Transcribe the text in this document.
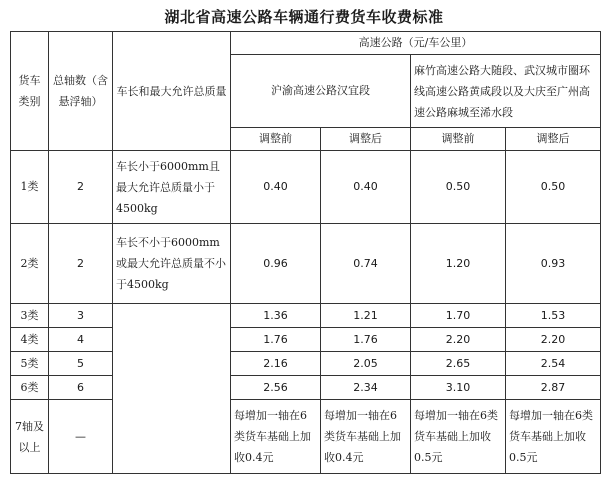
湖北省高速公路车辆通行费货车收费标准
货车类别	总轴数（含悬浮轴）	车长和最大允许总质量	高速公路（元/车公里）			
			沪渝高速公路汉宜段		麻竹高速公路大随段、武汉城市圈环线高速公路黄咸段以及大庆至广州高速公路麻城至浠水段	
			调整前	调整后	调整前	调整后

1类	2	车长小于6000mm且最大允许总质量小于4500kg	0.40	0.40	0.50	0.50
2类	2	车长不小于6000mm或最大允许总质量不小于4500kg	0.96	0.74	1.20	0.93
3类	3		1.36	1.21	1.70	1.53
4类	4		1.76	1.76	2.20	2.20
5类	5		2.16	2.05	2.65	2.54
6类	6		2.56	2.34	3.10	2.87
7轴及以上	—		每增加一轴在6类货车基础上加收0.4元	每增加一轴在6类货车基础上加收0.4元	每增加一轴在6类货车基础上加收0.5元	每增加一轴在6类货车基础上加收0.5元
